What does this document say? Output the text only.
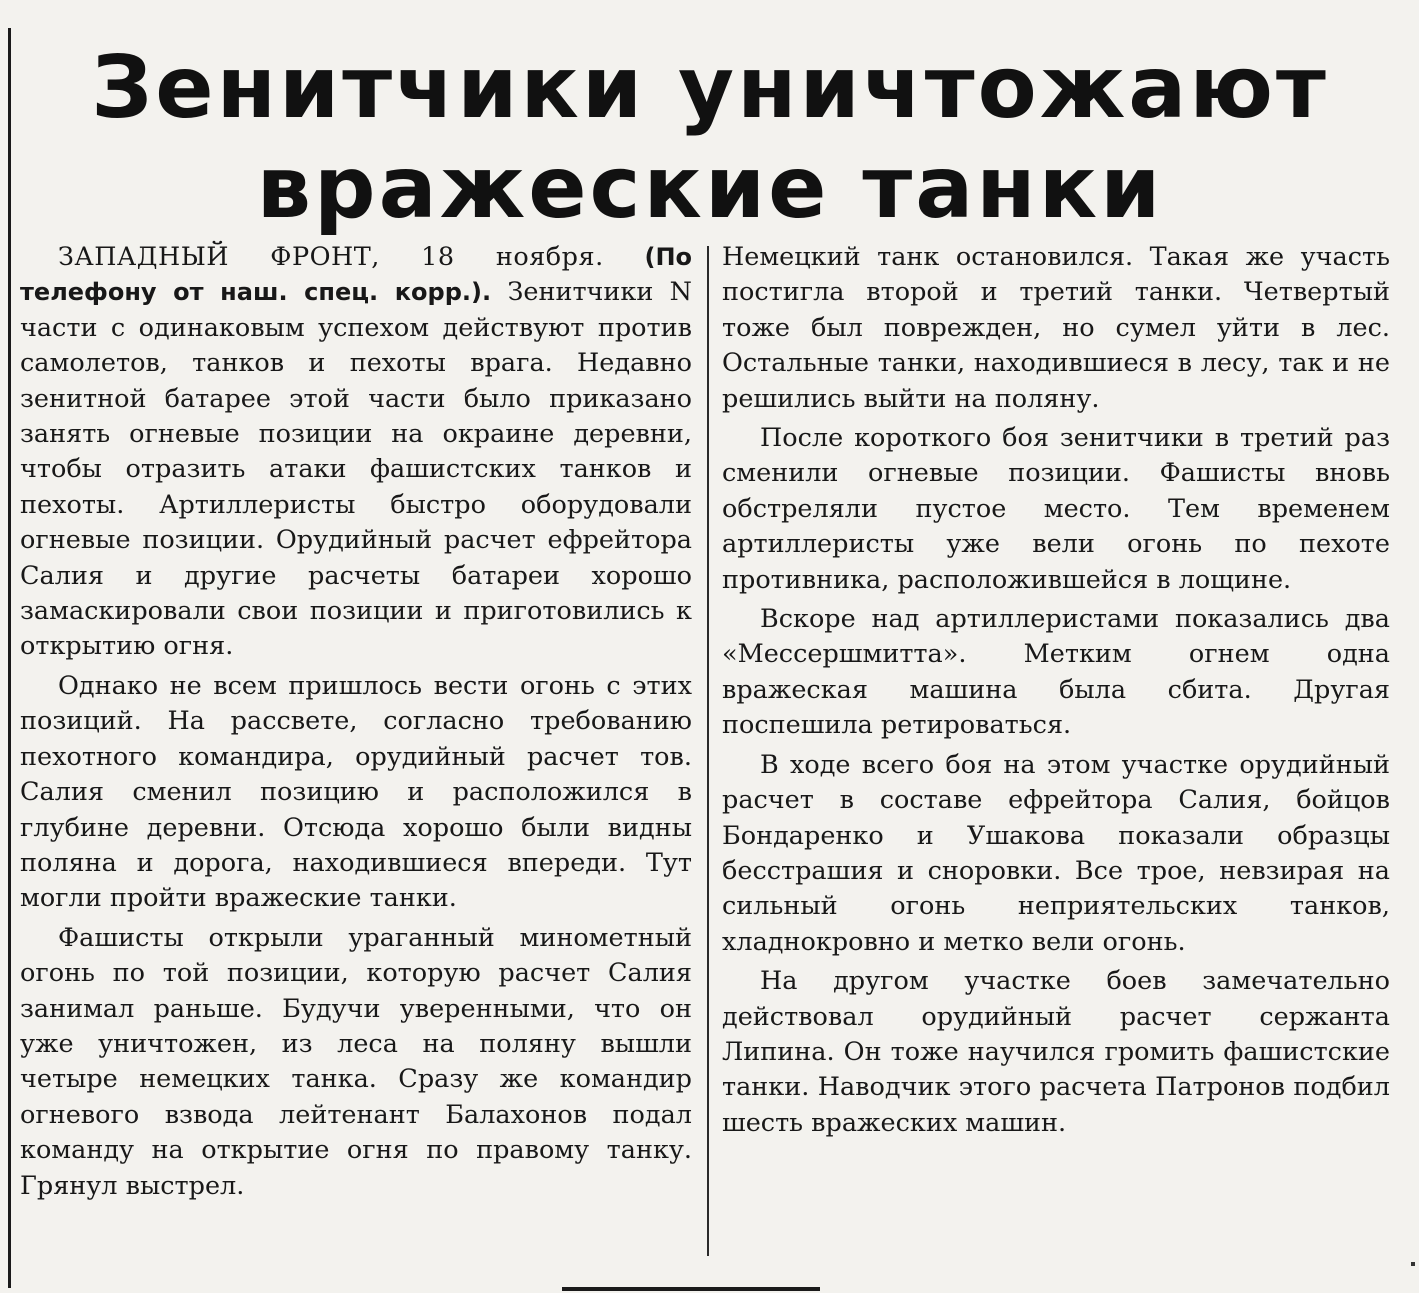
Зенитчики уничтожают
вражеские танки

ЗАПАДНЫЙ ФРОНТ, 18 ноября. (По телефону от наш. спец. корр.). Зенитчики N части с одинаковым успехом действуют против самолетов, танков и пехоты врага. Недавно зенитной батарее этой части было приказано занять огневые позиции на окраине деревни, чтобы отразить атаки фашистских танков и пехоты. Артиллеристы быстро оборудовали огневые позиции. Орудийный расчет ефрейтора Салия и другие расчеты батареи хорошо замаскировали свои позиции и приготовились к открытию огня.

Однако не всем пришлось вести огонь с этих позиций. На рассвете, согласно требованию пехотного командира, орудийный расчет тов. Салия сменил позицию и расположился в глубине деревни. Отсюда хорошо были видны поляна и дорога, находившиеся впереди. Тут могли пройти вражеские танки.

Фашисты открыли ураганный минометный огонь по той позиции, которую расчет Салия занимал раньше. Будучи уверенными, что он уже уничтожен, из леса на поляну вышли четыре немецких танка. Сразу же командир огневого взвода лейтенант Балахонов подал команду на открытие огня по правому танку. Грянул выстрел.

Немецкий танк остановился. Такая же участь постигла второй и третий танки. Четвертый тоже был поврежден, но сумел уйти в лес. Остальные танки, находившиеся в лесу, так и не решились выйти на поляну.

После короткого боя зенитчики в третий раз сменили огневые позиции. Фашисты вновь обстреляли пустое место. Тем временем артиллеристы уже вели огонь по пехоте противника, расположившейся в лощине.

Вскоре над артиллеристами показались два «Мессершмитта». Метким огнем одна вражеская машина была сбита. Другая поспешила ретироваться.

В ходе всего боя на этом участке орудийный расчет в составе ефрейтора Салия, бойцов Бондаренко и Ушакова показали образцы бесстрашия и сноровки. Все трое, невзирая на сильный огонь неприятельских танков, хладнокровно и метко вели огонь.

На другом участке боев замечательно действовал орудийный расчет сержанта Липина. Он тоже научился громить фашистские танки. Наводчик этого расчета Патронов подбил шесть вражеских машин.
